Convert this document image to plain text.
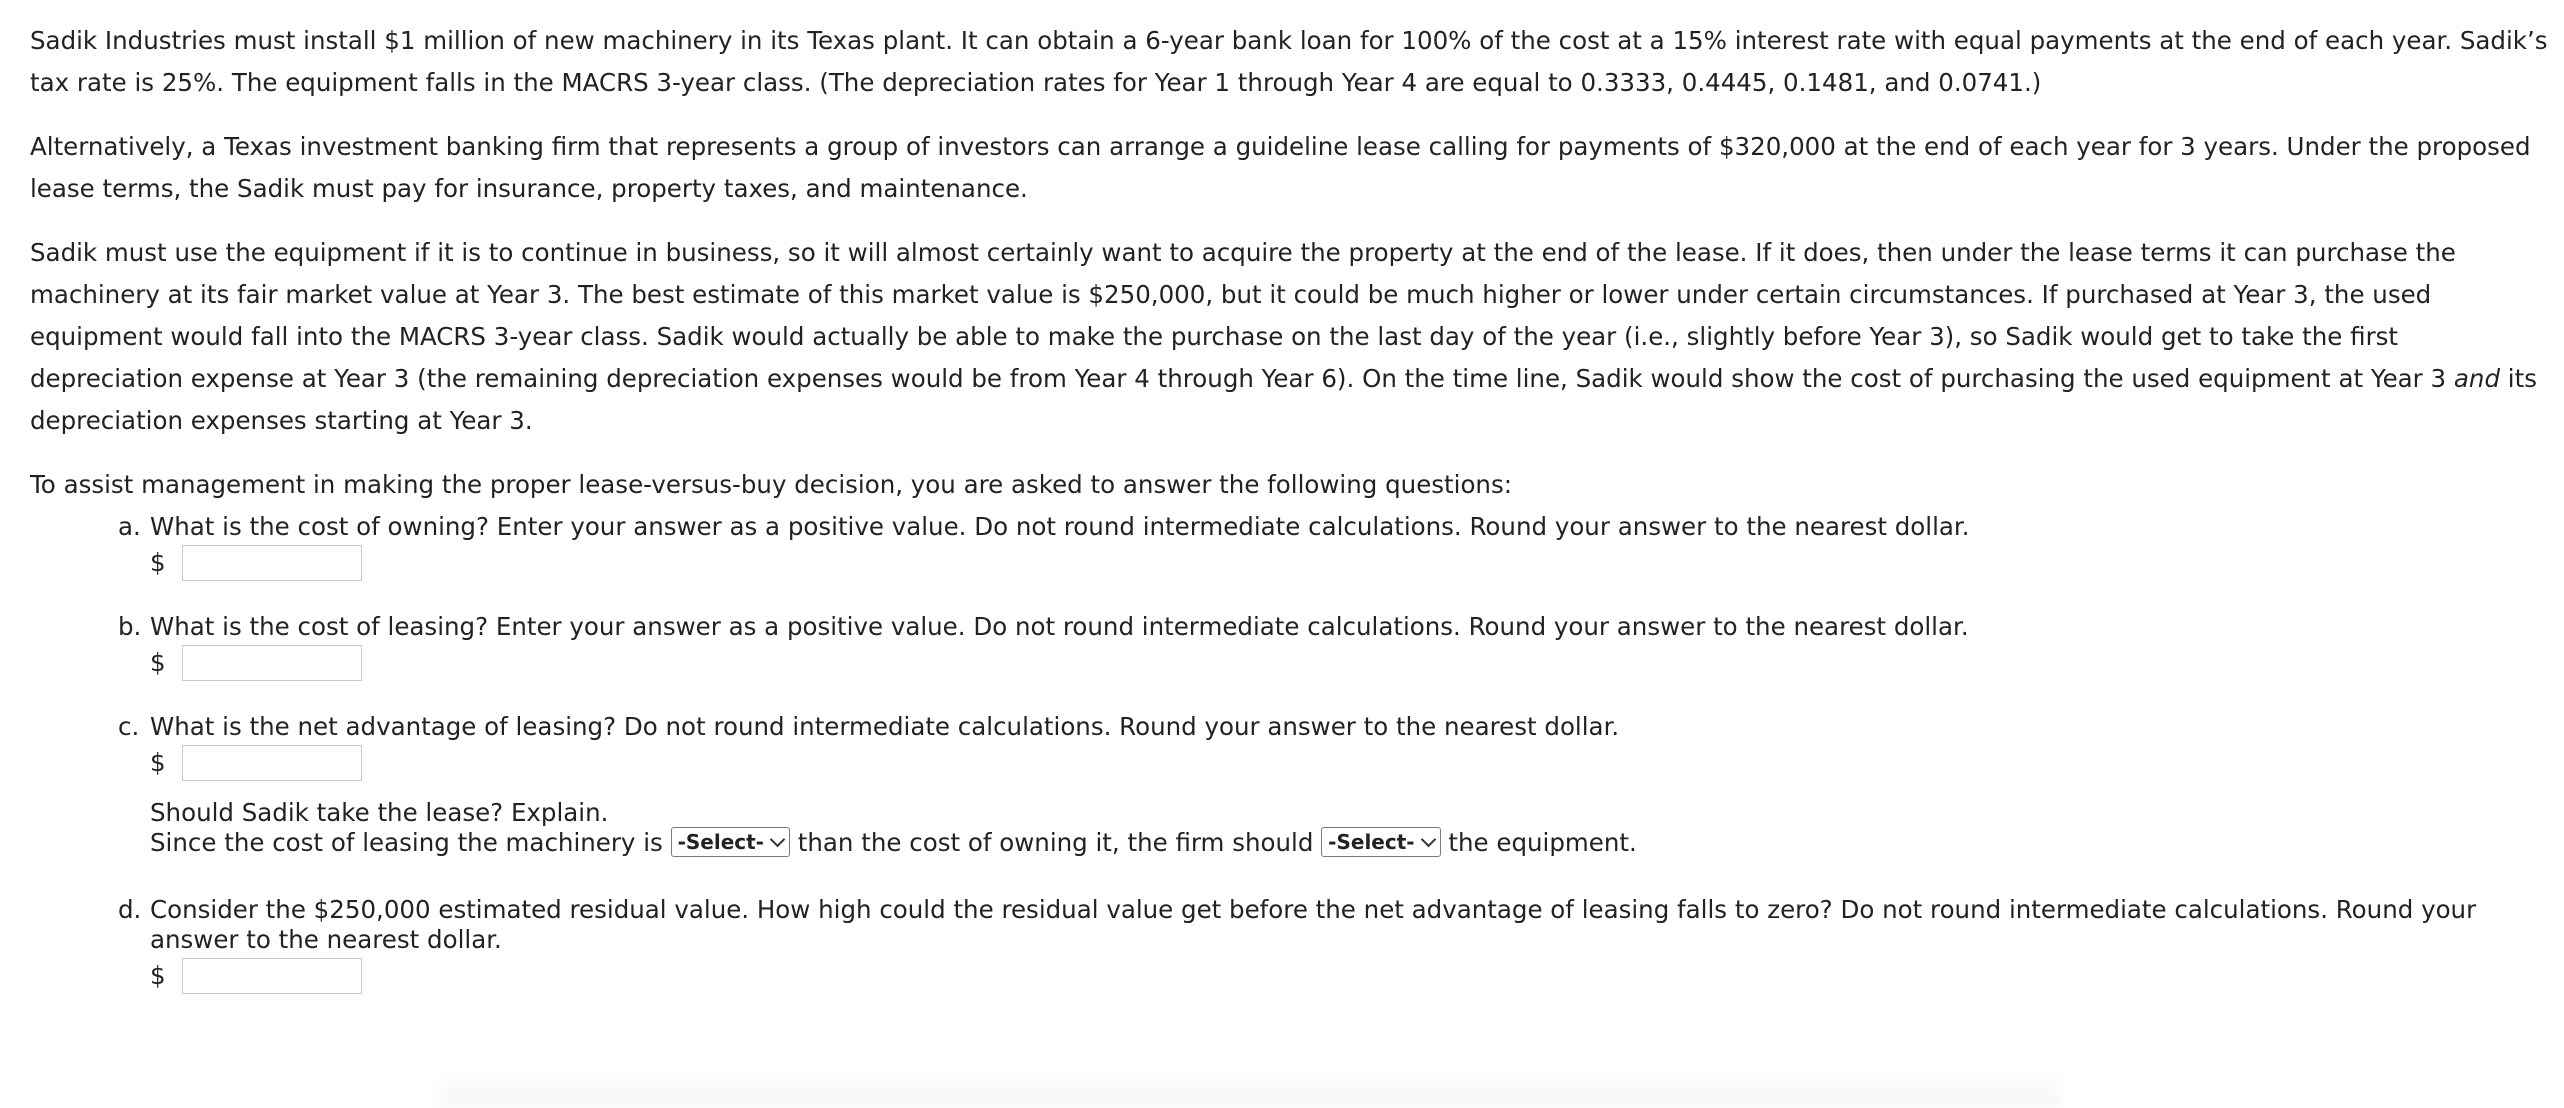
Sadik Industries must install $1 million of new machinery in its Texas plant. It can obtain a 6-year bank loan for 100% of the cost at a 15% interest rate with equal payments at the end of each year. Sadik’s tax rate is 25%. The equipment falls in the MACRS 3-year class. (The depreciation rates for Year 1 through Year 4 are equal to 0.3333, 0.4445, 0.1481, and 0.0741.)

Alternatively, a Texas investment banking firm that represents a group of investors can arrange a guideline lease calling for payments of $320,000 at the end of each year for 3 years. Under the proposed lease terms, the Sadik must pay for insurance, property taxes, and maintenance.

Sadik must use the equipment if it is to continue in business, so it will almost certainly want to acquire the property at the end of the lease. If it does, then under the lease terms it can purchase the machinery at its fair market value at Year 3. The best estimate of this market value is $250,000, but it could be much higher or lower under certain circumstances. If purchased at Year 3, the used equipment would fall into the MACRS 3-year class. Sadik would actually be able to make the purchase on the last day of the year (i.e., slightly before Year 3), so Sadik would get to take the first depreciation expense at Year 3 (the remaining depreciation expenses would be from Year 4 through Year 6). On the time line, Sadik would show the cost of purchasing the used equipment at Year 3 and its depreciation expenses starting at Year 3.

To assist management in making the proper lease-versus-buy decision, you are asked to answer the following questions:

a. What is the cost of owning? Enter your answer as a positive value. Do not round intermediate calculations. Round your answer to the nearest dollar.
$
b. What is the cost of leasing? Enter your answer as a positive value. Do not round intermediate calculations. Round your answer to the nearest dollar.
$
c. What is the net advantage of leasing? Do not round intermediate calculations. Round your answer to the nearest dollar.
$
Should Sadik take the lease? Explain.
Since the cost of leasing the machinery is -Select- than the cost of owning it, the firm should -Select- the equipment.
d. Consider the $250,000 estimated residual value. How high could the residual value get before the net advantage of leasing falls to zero? Do not round intermediate calculations. Round your answer to the nearest dollar.
$
